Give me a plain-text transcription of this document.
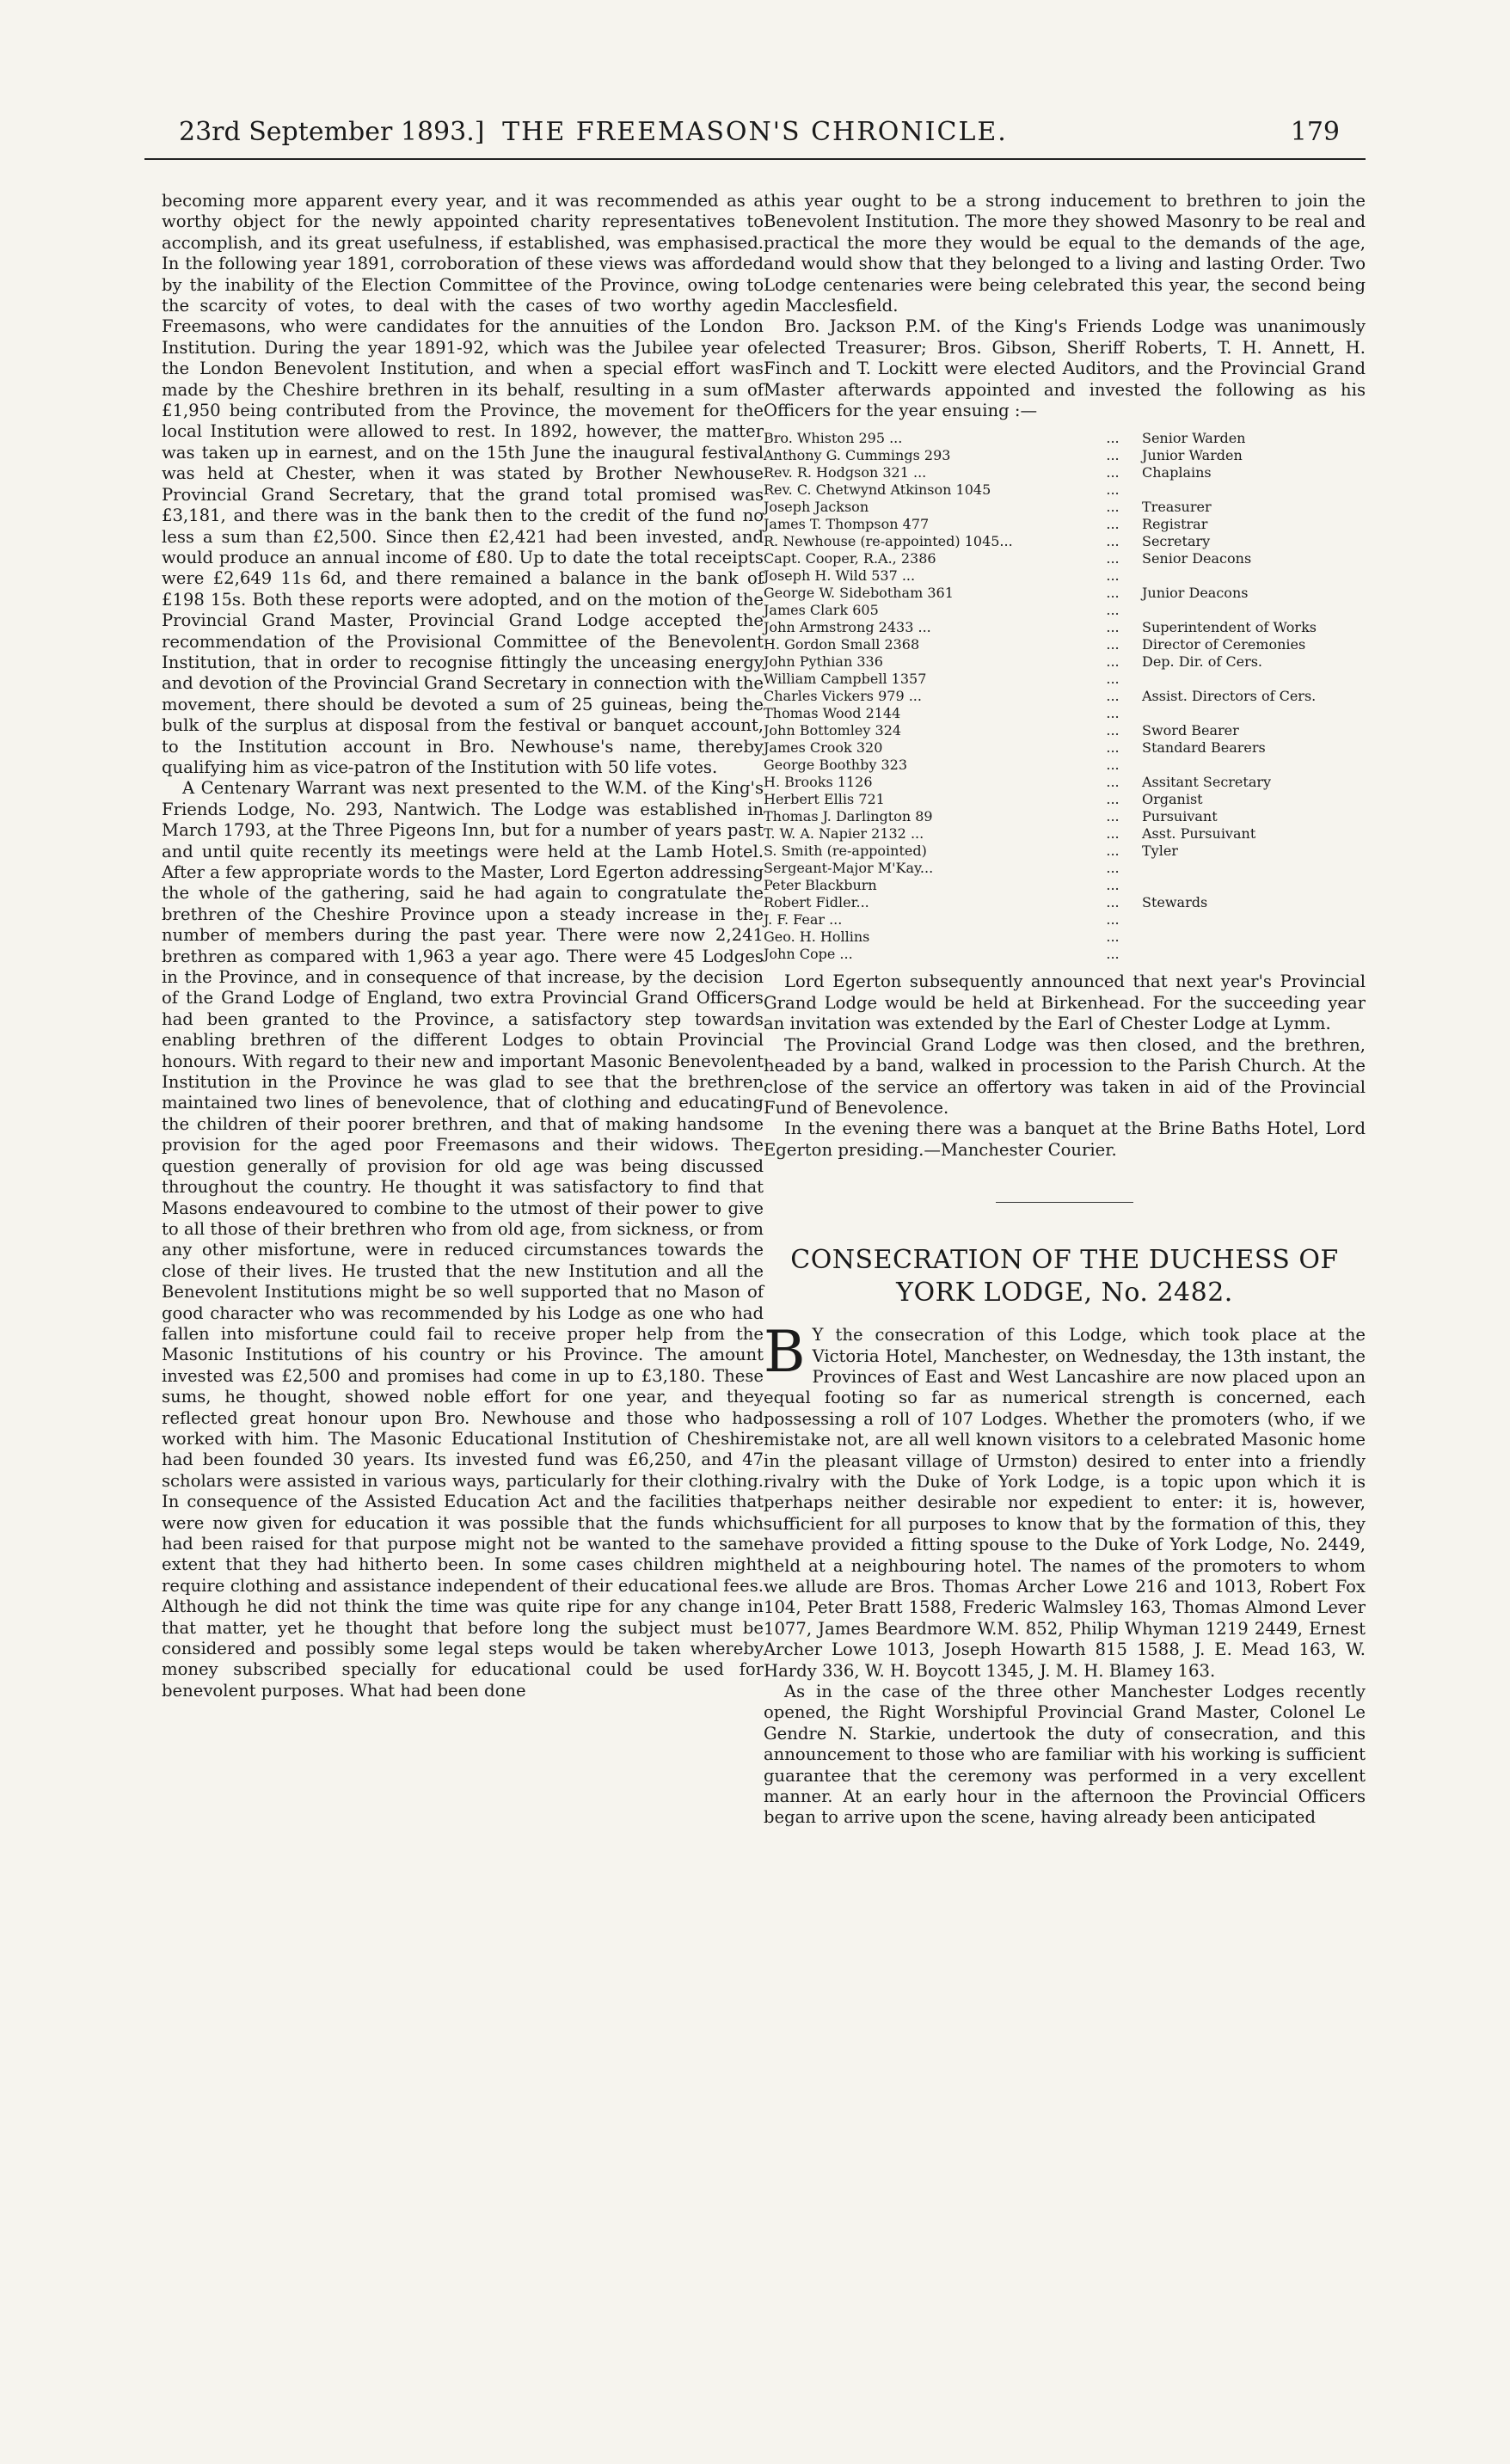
23rd September 1893.] THE FREEMASON'S CHRONICLE.	179

becoming more apparent every year, and it was recommended as a worthy object for the newly appointed charity representatives to accomplish, and its great usefulness, if established, was emphasised. In the following year 1891, corroboration of these views was afforded by the inability of the Election Committee of the Province, owing to the scarcity of votes, to deal with the cases of two worthy aged Freemasons, who were candidates for the annuities of the London Institution. During the year 1891-92, which was the Jubilee year of the London Benevolent Institution, and when a special effort was made by the Cheshire brethren in its behalf, resulting in a sum of £1,950 being contributed from the Province, the movement for the local Institution were allowed to rest. In 1892, however, the matter was taken up in earnest, and on the 15th June the inaugural festival was held at Chester, when it was stated by Brother Newhouse Provincial Grand Secretary, that the grand total promised was £3,181, and there was in the bank then to the credit of the fund no less a sum than £2,500. Since then £2,421 had been invested, and would produce an annual income of £80. Up to date the total receipts were £2,649 11s 6d, and there remained a balance in the bank of £198 15s. Both these reports were adopted, and on the motion of the Provincial Grand Master, Provincial Grand Lodge accepted the recommendation of the Provisional Committee of the Benevolent Institution, that in order to recognise fittingly the unceasing energy and devotion of the Provincial Grand Secretary in connection with the movement, there should be devoted a sum of 25 guineas, being the bulk of the surplus at disposal from the festival or banquet account, to the Institution account in Bro. Newhouse's name, thereby qualifying him as vice-patron of the Institution with 50 life votes.

A Centenary Warrant was next presented to the W.M. of the King's Friends Lodge, No. 293, Nantwich. The Lodge was established in March 1793, at the Three Pigeons Inn, but for a number of years past and until quite recently its meetings were held at the Lamb Hotel. After a few appropriate words to the Master, Lord Egerton addressing the whole of the gathering, said he had again to congratulate the brethren of the Cheshire Province upon a steady increase in the number of members during the past year. There were now 2,241 brethren as compared with 1,963 a year ago. There were 45 Lodges in the Province, and in consequence of that increase, by the decision of the Grand Lodge of England, two extra Provincial Grand Officers had been granted to the Province, a satisfactory step towards enabling brethren of the different Lodges to obtain Provincial honours. With regard to their new and important Masonic Benevolent Institution in the Province he was glad to see that the brethren maintained two lines of benevolence, that of clothing and educating the children of their poorer brethren, and that of making handsome provision for the aged poor Freemasons and their widows. The question generally of provision for old age was being discussed throughout the country. He thought it was satisfactory to find that Masons endeavoured to combine to the utmost of their power to give to all those of their brethren who from old age, from sickness, or from any other misfortune, were in reduced circumstances towards the close of their lives. He trusted that the new Institution and all the Benevolent Institutions might be so well supported that no Mason of good character who was recommended by his Lodge as one who had fallen into misfortune could fail to receive proper help from the Masonic Institutions of his country or his Province. The amount invested was £2,500 and promises had come in up to £3,180. These sums, he thought, showed noble effort for one year, and they reflected great honour upon Bro. Newhouse and those who had worked with him. The Masonic Educational Institution of Cheshire had been founded 30 years. Its invested fund was £6,250, and 47 scholars were assisted in various ways, particularly for their clothing. In consequence of the Assisted Education Act and the facilities that were now given for education it was possible that the funds which had been raised for that purpose might not be wanted to the same extent that they had hitherto been. In some cases children might require clothing and assistance independent of their educational fees. Although he did not think the time was quite ripe for any change in that matter, yet he thought that before long the subject must be considered and possibly some legal steps would be taken whereby money subscribed specially for educational could be used for benevolent purposes. What had been done

this year ought to be a strong inducement to brethren to join the Benevolent Institution. The more they showed Masonry to be real and practical the more they would be equal to the demands of the age, and would show that they belonged to a living and lasting Order. Two Lodge centenaries were being celebrated this year, the second being in Macclesfield.

Bro. Jackson P.M. of the King's Friends Lodge was unanimously elected Treasurer; Bros. Gibson, Sheriff Roberts, T. H. Annett, H. Finch and T. Lockitt were elected Auditors, and the Provincial Grand Master afterwards appointed and invested the following as his Officers for the year ensuing :—

Bro. Whiston 295 ...	...	Senior Warden
Anthony G. Cummings 293	...	Junior Warden
Rev. R. Hodgson 321 ...	...	Chaplains
Rev. C. Chetwynd Atkinson 1045	...	
Joseph Jackson	...	Treasurer
James T. Thompson 477	...	Registrar
R. Newhouse (re-appointed) 1045...	...	Secretary
Capt. Cooper, R.A., 2386	...	Senior Deacons
Joseph H. Wild 537 ...	...	
George W. Sidebotham 361	...	Junior Deacons
James Clark 605	...	
John Armstrong 2433 ...	...	Superintendent of Works
H. Gordon Small 2368	...	Director of Ceremonies
John Pythian 336	...	Dep. Dir. of Cers.
William Campbell 1357	...	
Charles Vickers 979 ...	...	Assist. Directors of Cers.
Thomas Wood 2144	...	
John Bottomley 324	...	Sword Bearer
James Crook 320	...	Standard Bearers
George Boothby 323	...	
H. Brooks 1126	...	Assitant Secretary
Herbert Ellis 721	...	Organist
Thomas J. Darlington 89	...	Pursuivant
T. W. A. Napier 2132 ...	...	Asst. Pursuivant
S. Smith (re-appointed)	...	Tyler
Sergeant-Major M'Kay...	...	
Peter Blackburn	...	
Robert Fidler...	...	Stewards
J. F. Fear ...	...	
Geo. H. Hollins	...	
John Cope ...	...	

Lord Egerton subsequently announced that next year's Provincial Grand Lodge would be held at Birkenhead. For the succeeding year an invitation was extended by the Earl of Chester Lodge at Lymm.

The Provincial Grand Lodge was then closed, and the brethren, headed by a band, walked in procession to the Parish Church. At the close of the service an offertory was taken in aid of the Provincial Fund of Benevolence.

In the evening there was a banquet at the Brine Baths Hotel, Lord Egerton presiding.—Manchester Courier.

CONSECRATION OF THE DUCHESS OF YORK LODGE, No. 2482.

B Y the consecration of this Lodge, which took place at the Victoria Hotel, Manchester, on Wednesday, the 13th instant, the Provinces of East and West Lancashire are now placed upon an equal footing so far as numerical strength is concerned, each possessing a roll of 107 Lodges. Whether the promoters (who, if we mistake not, are all well known visitors to a celebrated Masonic home in the pleasant village of Urmston) desired to enter into a friendly rivalry with the Duke of York Lodge, is a topic upon which it is perhaps neither desirable nor expedient to enter: it is, however, sufficient for all purposes to know that by the formation of this, they have provided a fitting spouse to the Duke of York Lodge, No. 2449, held at a neighbouring hotel. The names of the promoters to whom we allude are Bros. Thomas Archer Lowe 216 and 1013, Robert Fox 104, Peter Bratt 1588, Frederic Walmsley 163, Thomas Almond Lever 1077, James Beardmore W.M. 852, Philip Whyman 1219 2449, Ernest Archer Lowe 1013, Joseph Howarth 815 1588, J. E. Mead 163, W. Hardy 336, W. H. Boycott 1345, J. M. H. Blamey 163.

As in the case of the three other Manchester Lodges recently opened, the Right Worshipful Provincial Grand Master, Colonel Le Gendre N. Starkie, undertook the duty of consecration, and this announcement to those who are familiar with his working is sufficient guarantee that the ceremony was performed in a very excellent manner. At an early hour in the afternoon the Provincial Officers began to arrive upon the scene, having already been anticipated
